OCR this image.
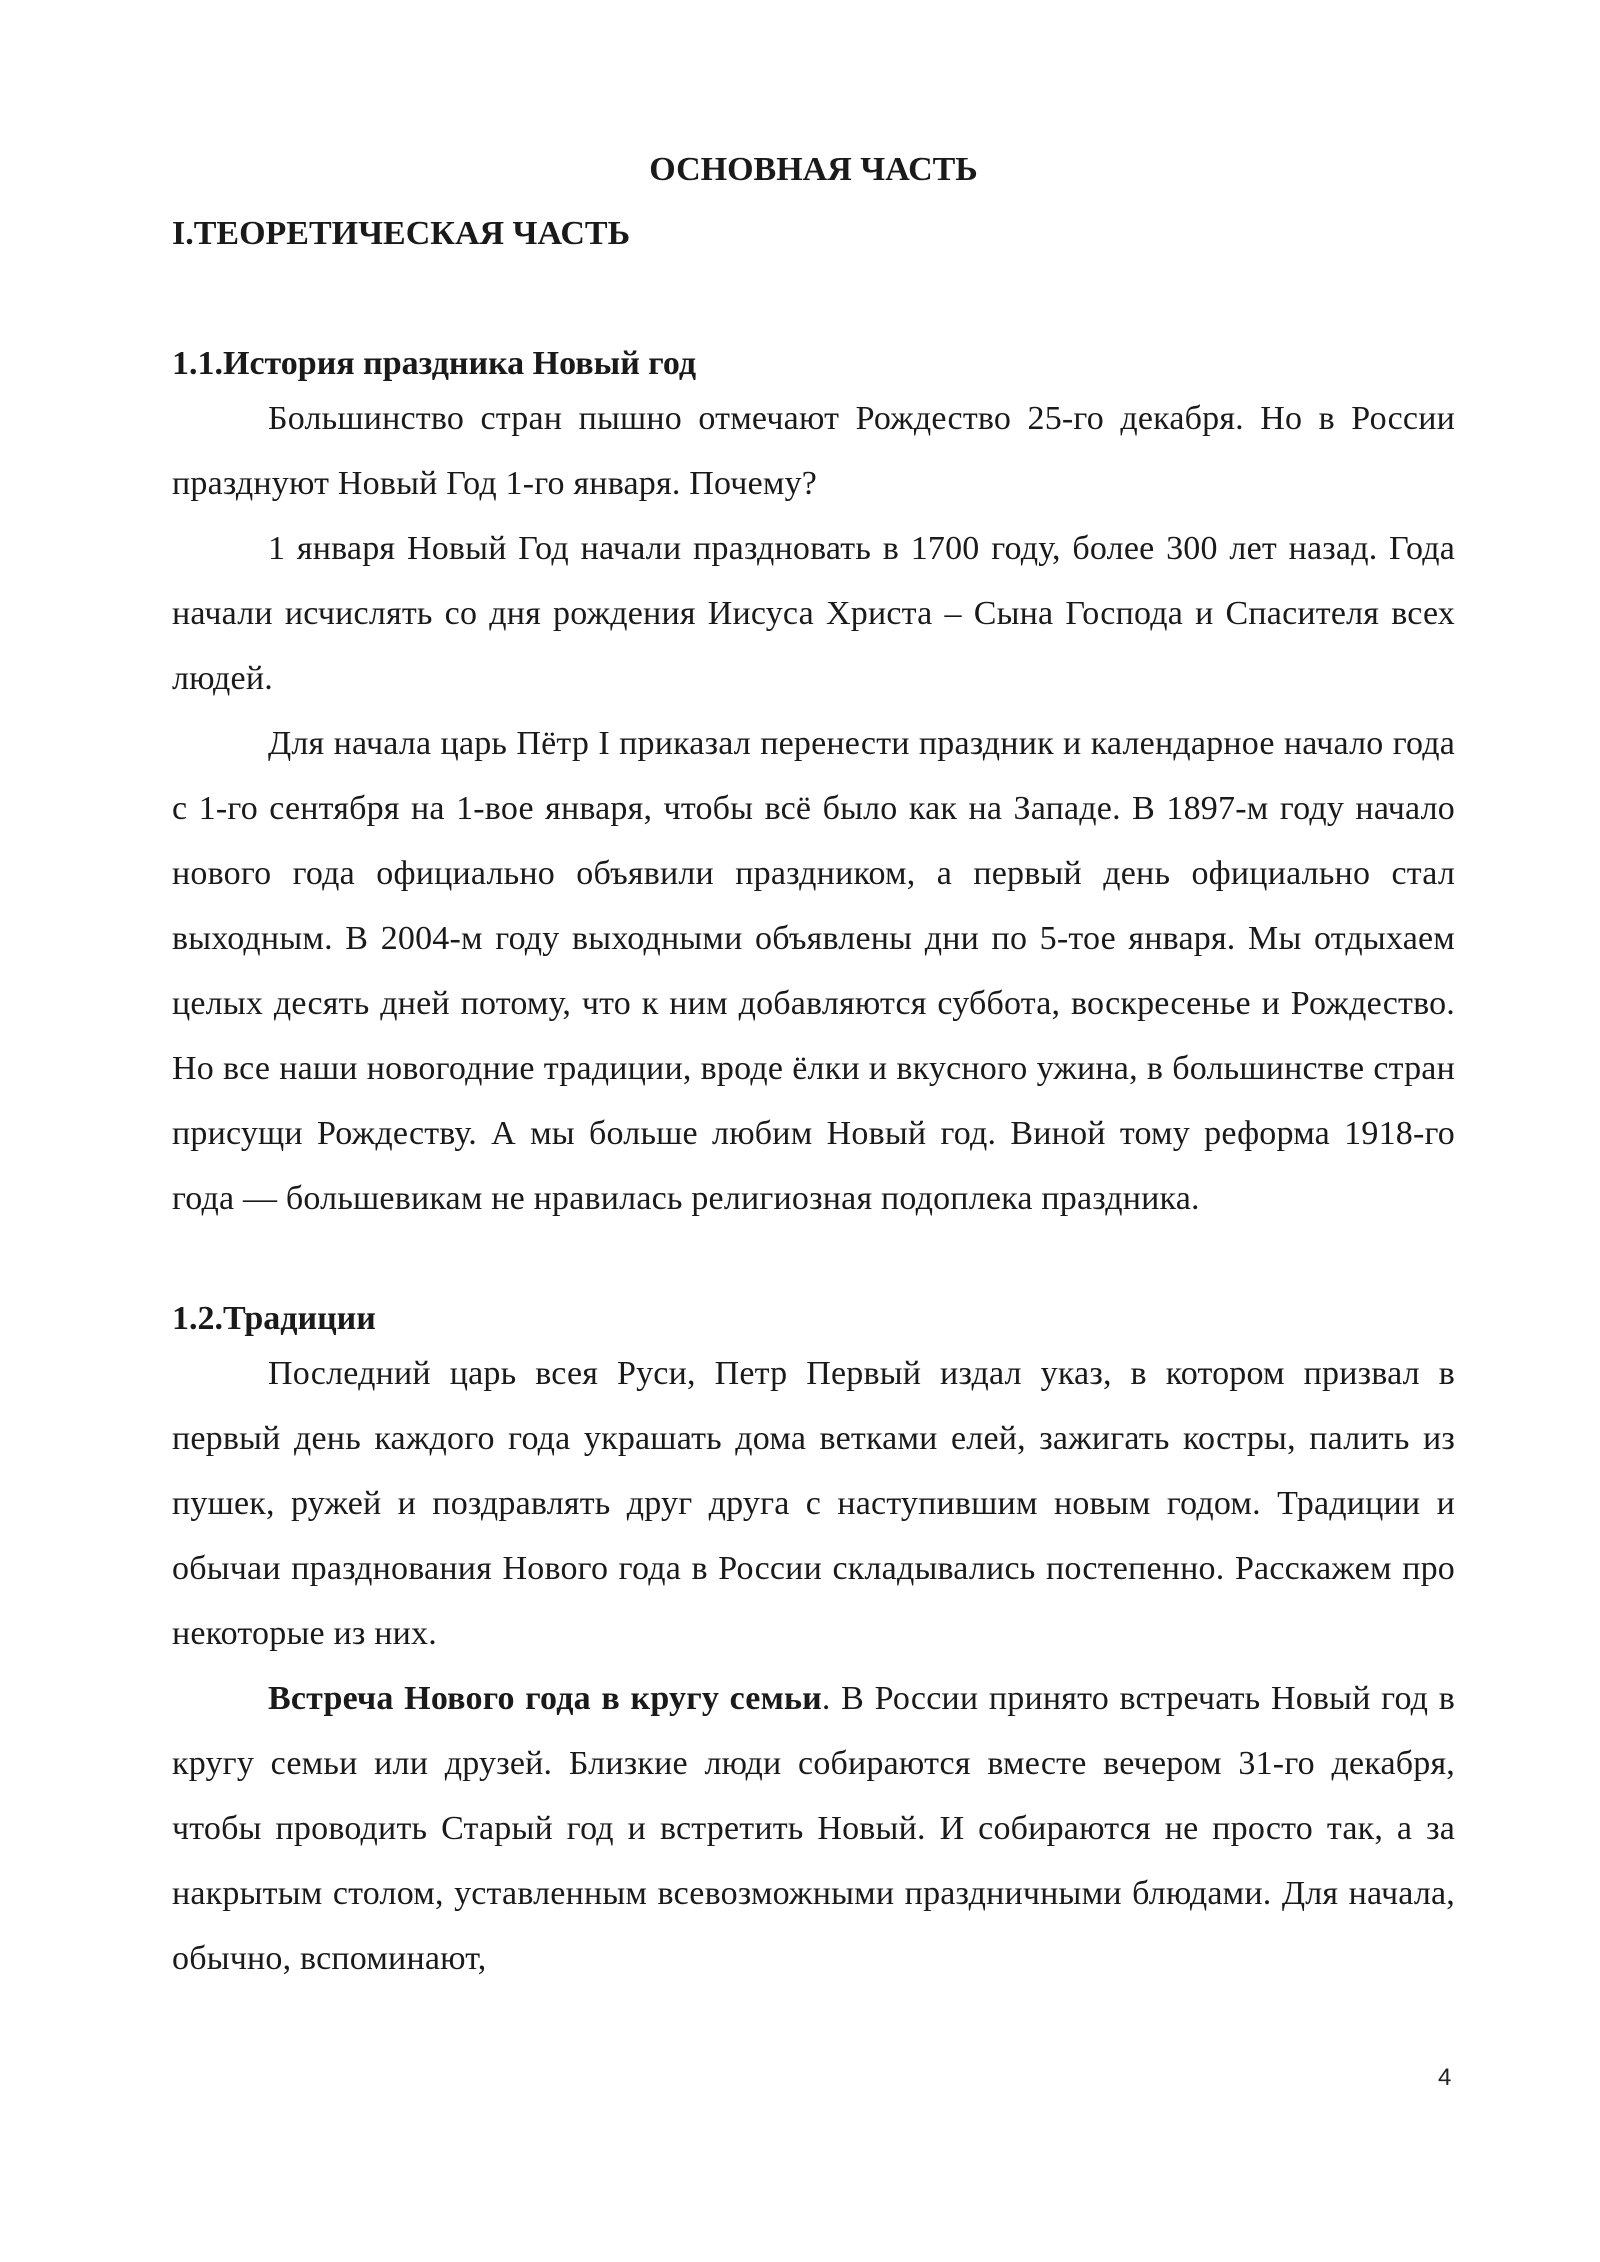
ОСНОВНАЯ ЧАСТЬ
I.ТЕОРЕТИЧЕСКАЯ ЧАСТЬ
1.1.История праздника Новый год

Большинство стран пышно отмечают Рождество 25-го декабря. Но в России празднуют Новый Год 1-го января. Почему?

1 января Новый Год начали праздновать в 1700 году, более 300 лет назад. Года начали исчислять со дня рождения Иисуса Христа – Сына Господа и Спасителя всех людей.

Для начала царь Пётр I приказал перенести праздник и календарное начало года с 1-го сентября на 1-вое января, чтобы всё было как на Западе. В 1897-м году начало нового года официально объявили праздником, а первый день официально стал выходным. В 2004-м году выходными объявлены дни по 5-тое января. Мы отдыхаем целых десять дней потому, что к ним добавляются суббота, воскресенье и Рождество. Но все наши новогодние традиции, вроде ёлки и вкусного ужина, в большинстве стран присущи Рождеству. А мы больше любим Новый год. Виной тому реформа 1918-го года — большевикам не нравилась религиозная подоплека праздника.

1.2.Традиции

Последний царь всея Руси, Петр Первый издал указ, в котором призвал в первый день каждого года украшать дома ветками елей, зажигать костры, палить из пушек, ружей и поздравлять друг друга с наступившим новым годом. Традиции и обычаи празднования Нового года в России складывались постепенно. Расскажем про некоторые из них.

Встреча Нового года в кругу семьи. В России принято встречать Новый год в кругу семьи или друзей. Близкие люди собираются вместе вечером 31-го декабря, чтобы проводить Старый год и встретить Новый. И собираются не просто так, а за накрытым столом, уставленным всевозможными праздничными блюдами. Для начала, обычно, вспоминают,

4
